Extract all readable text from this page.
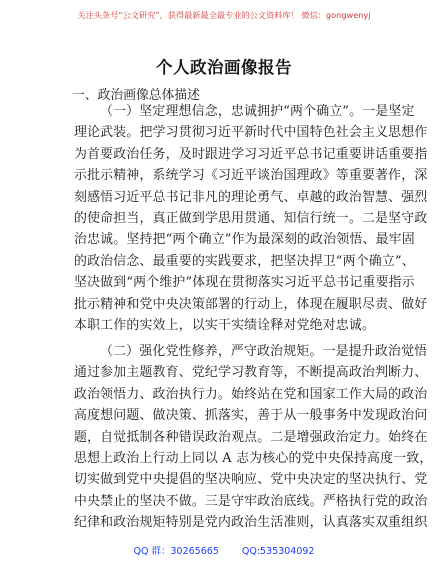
关注头条号“公文研究”，获得最新最全最专业的公文资料库！ 微信：gongwenyj
个人政治画像报告
一、政治画像总体描述
（一）坚定理想信念，忠诚拥护“两个确立”。一是坚定
理论武装。把学习贯彻习近平新时代中国特色社会主义思想作
为首要政治任务，及时跟进学习习近平总书记重要讲话重要指
示批示精神，系统学习《习近平谈治国理政》等重要著作，深
刻感悟习近平总书记非凡的理论勇气、卓越的政治智慧、强烈
的使命担当，真正做到学思用贯通、知信行统一。二是坚守政
治忠诚。坚持把“两个确立”作为最深刻的政治领悟、最牢固
的政治信念、最重要的实践要求，把坚决捍卫“两个确立”、
坚决做到“两个维护”体现在贯彻落实习近平总书记重要指示
批示精神和党中央决策部署的行动上，体现在履职尽责、做好
本职工作的实效上，以实干实绩诠释对党绝对忠诚。
（二）强化党性修养，严守政治规矩。一是提升政治觉悟
通过参加主题教育、党纪学习教育等，不断提高政治判断力、
政治领悟力、政治执行力。始终站在党和国家工作大局的政治
高度想问题、做决策、抓落实，善于从一般事务中发现政治问
题，自觉抵制各种错误政治观点。二是增强政治定力。始终在
思想上政治上行动上同以 A 志为核心的党中央保持高度一致，
切实做到党中央提倡的坚决响应、党中央决定的坚决执行、党
中央禁止的坚决不做。三是守牢政治底线。严格执行党的政治
纪律和政治规矩特别是党内政治生活准则，认真落实双重组织
QQ 群：30265665 QQ:535304092
